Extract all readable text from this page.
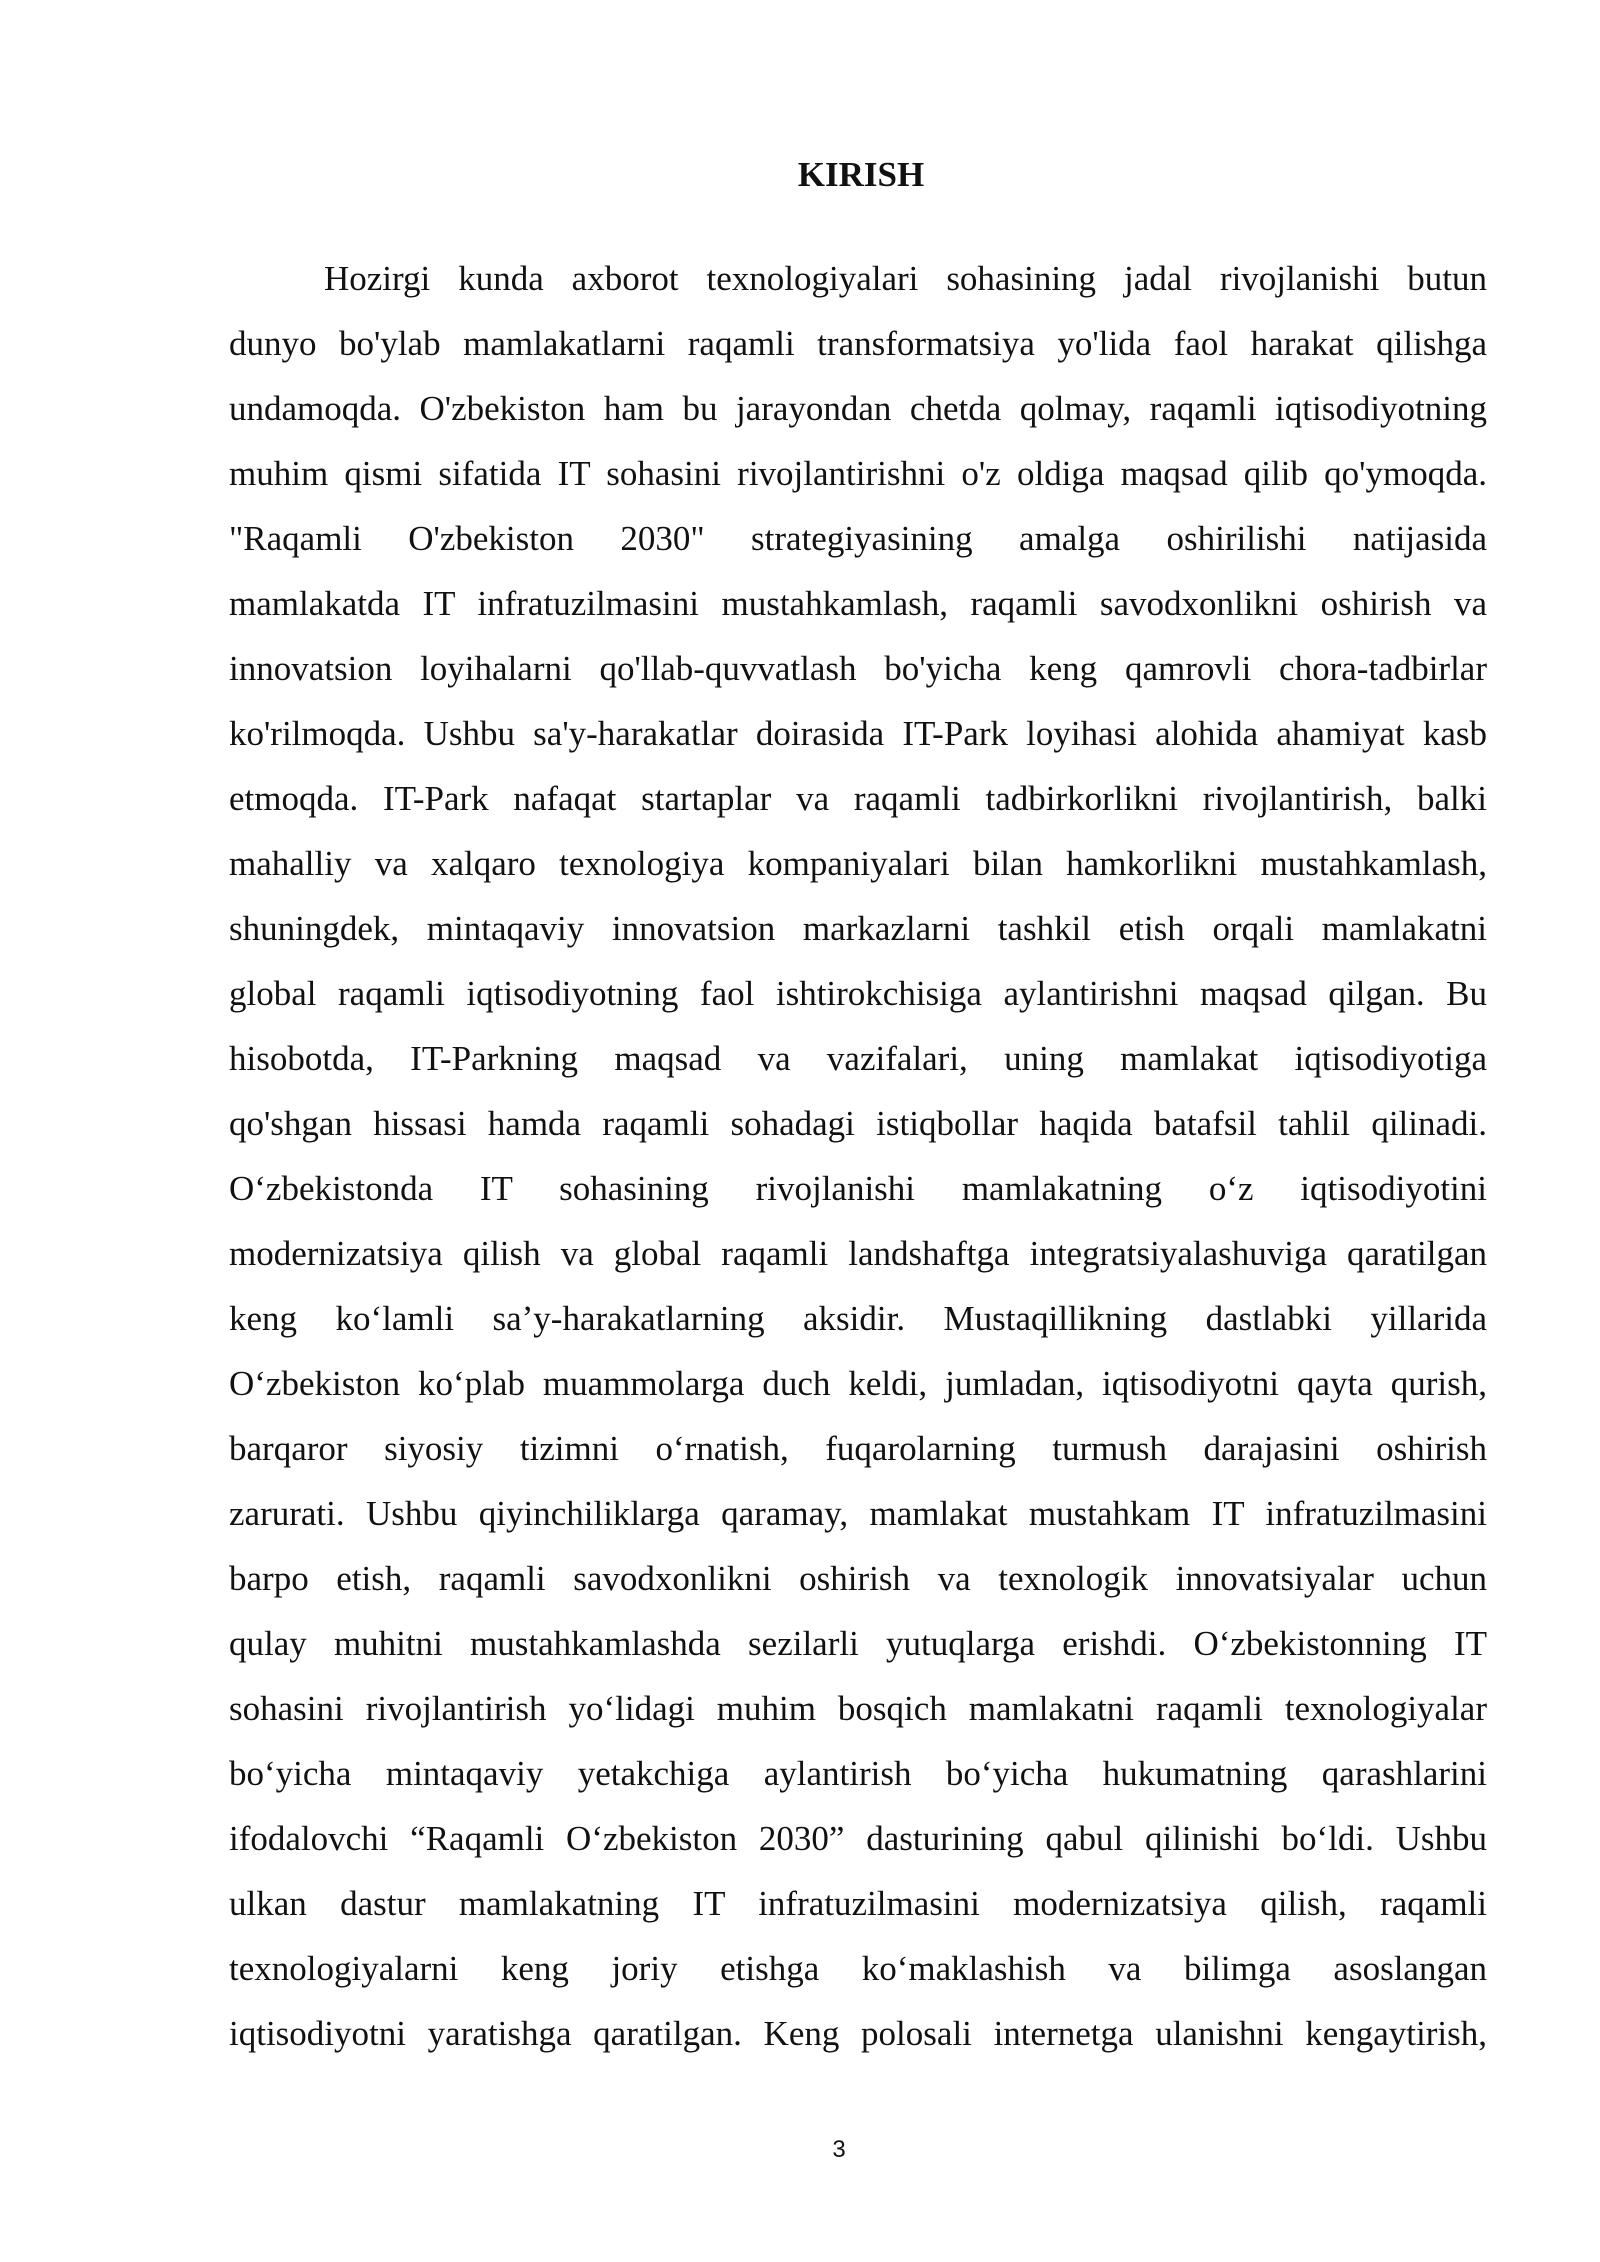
KIRISH
Hozirgi kunda axborot texnologiyalari sohasining jadal rivojlanishi butun
dunyo bo'ylab mamlakatlarni raqamli transformatsiya yo'lida faol harakat qilishga
undamoqda. O'zbekiston ham bu jarayondan chetda qolmay, raqamli iqtisodiyotning
muhim qismi sifatida IT sohasini rivojlantirishni o'z oldiga maqsad qilib qo'ymoqda.
"Raqamli O'zbekiston 2030" strategiyasining amalga oshirilishi natijasida
mamlakatda IT infratuzilmasini mustahkamlash, raqamli savodxonlikni oshirish va
innovatsion loyihalarni qo'llab-quvvatlash bo'yicha keng qamrovli chora-tadbirlar
ko'rilmoqda. Ushbu sa'y-harakatlar doirasida IT-Park loyihasi alohida ahamiyat kasb
etmoqda. IT-Park nafaqat startaplar va raqamli tadbirkorlikni rivojlantirish, balki
mahalliy va xalqaro texnologiya kompaniyalari bilan hamkorlikni mustahkamlash,
shuningdek, mintaqaviy innovatsion markazlarni tashkil etish orqali mamlakatni
global raqamli iqtisodiyotning faol ishtirokchisiga aylantirishni maqsad qilgan. Bu
hisobotda, IT-Parkning maqsad va vazifalari, uning mamlakat iqtisodiyotiga
qo'shgan hissasi hamda raqamli sohadagi istiqbollar haqida batafsil tahlil qilinadi.
Oʻzbekistonda IT sohasining rivojlanishi mamlakatning oʻz iqtisodiyotini
modernizatsiya qilish va global raqamli landshaftga integratsiyalashuviga qaratilgan
keng koʻlamli saʼy-harakatlarning aksidir. Mustaqillikning dastlabki yillarida
Oʻzbekiston koʻplab muammolarga duch keldi, jumladan, iqtisodiyotni qayta qurish,
barqaror siyosiy tizimni oʻrnatish, fuqarolarning turmush darajasini oshirish
zarurati. Ushbu qiyinchiliklarga qaramay, mamlakat mustahkam IT infratuzilmasini
barpo etish, raqamli savodxonlikni oshirish va texnologik innovatsiyalar uchun
qulay muhitni mustahkamlashda sezilarli yutuqlarga erishdi. Oʻzbekistonning IT
sohasini rivojlantirish yoʻlidagi muhim bosqich mamlakatni raqamli texnologiyalar
boʻyicha mintaqaviy yetakchiga aylantirish boʻyicha hukumatning qarashlarini
ifodalovchi “Raqamli Oʻzbekiston 2030” dasturining qabul qilinishi boʻldi. Ushbu
ulkan dastur mamlakatning IT infratuzilmasini modernizatsiya qilish, raqamli
texnologiyalarni keng joriy etishga koʻmaklashish va bilimga asoslangan
iqtisodiyotni yaratishga qaratilgan. Keng polosali internetga ulanishni kengaytirish,
3
